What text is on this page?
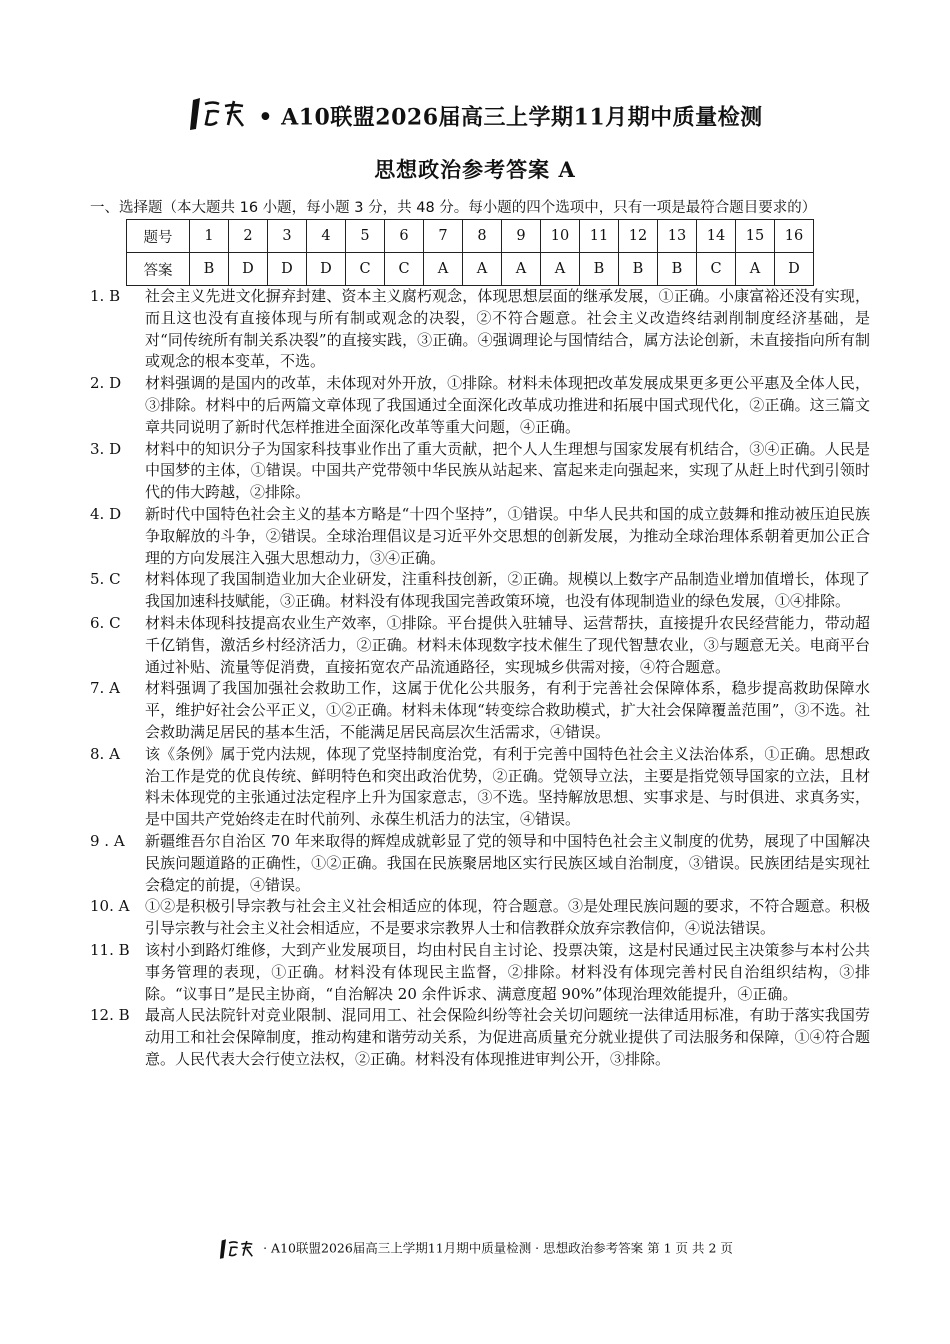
• A10联盟2026届高三上学期11月期中质量检测
思想政治参考答案 A
一、选择题（本大题共 16 小题，每小题 3 分，共 48 分。每小题的四个选项中，只有一项是最符合题目要求的）
题号	1	2	3	4	5	6	7	8	9	10	11	12	13	14	15	16
答案	B	D	D	D	C	C	A	A	A	A	B	B	B	C	A	D
1. B	社会主义先进文化摒弃封建、资本主义腐朽观念，体现思想层面的继承发展，①正确。小康富裕还没有实现，而且这也没有直接体现与所有制或观念的决裂，②不符合题意。社会主义改造终结剥削制度经济基础，是对“同传统所有制关系决裂”的直接实践，③正确。④强调理论与国情结合，属方法论创新，未直接指向所有制或观念的根本变革，不选。
2. D	材料强调的是国内的改革，未体现对外开放，①排除。材料未体现把改革发展成果更多更公平惠及全体人民，③排除。材料中的后两篇文章体现了我国通过全面深化改革成功推进和拓展中国式现代化，②正确。这三篇文章共同说明了新时代怎样推进全面深化改革等重大问题，④正确。
3. D	材料中的知识分子为国家科技事业作出了重大贡献，把个人人生理想与国家发展有机结合，③④正确。人民是中国梦的主体，①错误。中国共产党带领中华民族从站起来、富起来走向强起来，实现了从赶上时代到引领时代的伟大跨越，②排除。
4. D	新时代中国特色社会主义的基本方略是“十四个坚持”，①错误。中华人民共和国的成立鼓舞和推动被压迫民族争取解放的斗争，②错误。全球治理倡议是习近平外交思想的创新发展，为推动全球治理体系朝着更加公正合理的方向发展注入强大思想动力，③④正确。
5. C	材料体现了我国制造业加大企业研发，注重科技创新，②正确。规模以上数字产品制造业增加值增长，体现了我国加速科技赋能，③正确。材料没有体现我国完善政策环境，也没有体现制造业的绿色发展，①④排除。
6. C	材料未体现科技提高农业生产效率，①排除。平台提供入驻辅导、运营帮扶，直接提升农民经营能力，带动超千亿销售，激活乡村经济活力，②正确。材料未体现数字技术催生了现代智慧农业，③与题意无关。电商平台通过补贴、流量等促消费，直接拓宽农产品流通路径，实现城乡供需对接，④符合题意。
7. A	材料强调了我国加强社会救助工作，这属于优化公共服务，有利于完善社会保障体系，稳步提高救助保障水平，维护好社会公平正义，①②正确。材料未体现“转变综合救助模式，扩大社会保障覆盖范围”，③不选。社会救助满足居民的基本生活，不能满足居民高层次生活需求，④错误。
8. A	该《条例》属于党内法规，体现了党坚持制度治党，有利于完善中国特色社会主义法治体系，①正确。思想政治工作是党的优良传统、鲜明特色和突出政治优势，②正确。党领导立法，主要是指党领导国家的立法，且材料未体现党的主张通过法定程序上升为国家意志，③不选。坚持解放思想、实事求是、与时俱进、求真务实，是中国共产党始终走在时代前列、永葆生机活力的法宝，④错误。
9 . A	新疆维吾尔自治区 70 年来取得的辉煌成就彰显了党的领导和中国特色社会主义制度的优势，展现了中国解决民族问题道路的正确性，①②正确。我国在民族聚居地区实行民族区域自治制度，③错误。民族团结是实现社会稳定的前提，④错误。
10. A	①②是积极引导宗教与社会主义社会相适应的体现，符合题意。③是处理民族问题的要求，不符合题意。积极引导宗教与社会主义社会相适应，不是要求宗教界人士和信教群众放弃宗教信仰，④说法错误。
11. B	该村小到路灯维修，大到产业发展项目，均由村民自主讨论、投票决策，这是村民通过民主决策参与本村公共事务管理的表现，①正确。材料没有体现民主监督，②排除。材料没有体现完善村民自治组织结构，③排除。“议事日”是民主协商，“自治解决 20 余件诉求、满意度超 90%”体现治理效能提升，④正确。
12. B	最高人民法院针对竞业限制、混同用工、社会保险纠纷等社会关切问题统一法律适用标准，有助于落实我国劳动用工和社会保障制度，推动构建和谐劳动关系，为促进高质量充分就业提供了司法服务和保障，①④符合题意。人民代表大会行使立法权，②正确。材料没有体现推进审判公开，③排除。
· A10联盟2026届高三上学期11月期中质量检测 · 思想政治参考答案 第 1 页 共 2 页
